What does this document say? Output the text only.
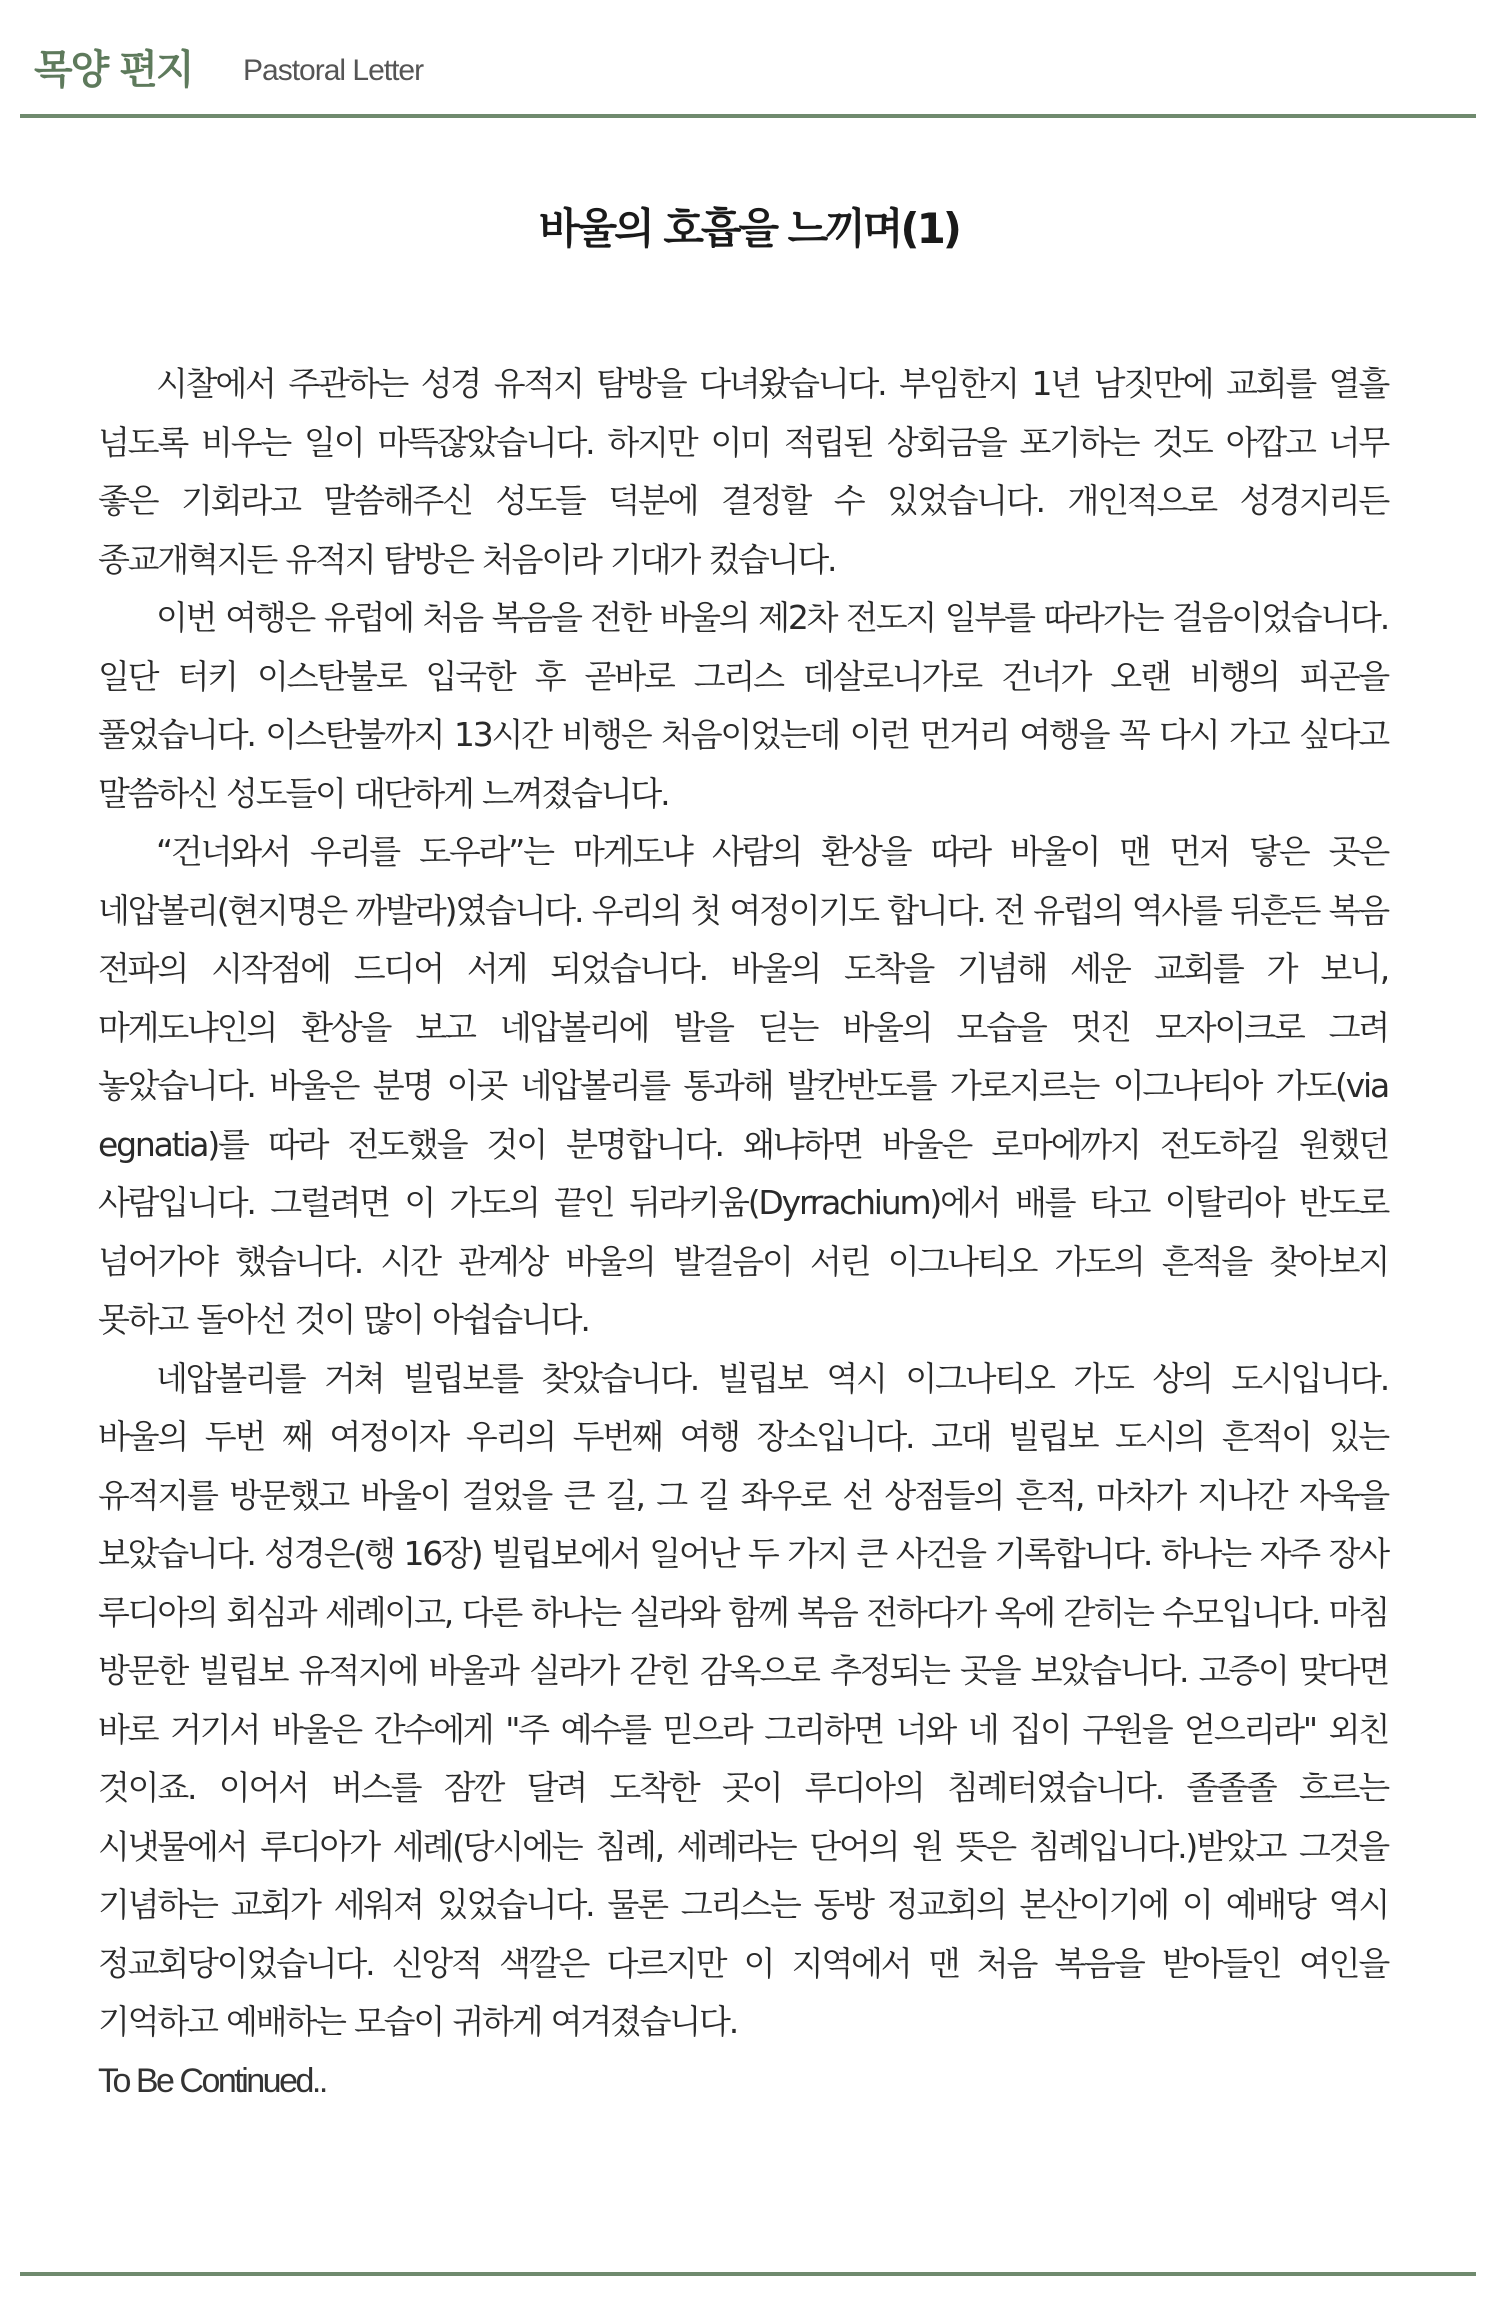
목양 편지 Pastoral Letter
바울의 호흡을 느끼며(1)

시찰에서 주관하는 성경 유적지 탐방을 다녀왔습니다. 부임한지 1년 남짓만에 교회를 열흘 넘도록 비우는 일이 마뜩잖았습니다. 하지만 이미 적립된 상회금을 포기하는 것도 아깝고 너무 좋은 기회라고 말씀해주신 성도들 덕분에 결정할 수 있었습니다. 개인적으로 성경지리든 종교개혁지든 유적지 탐방은 처음이라 기대가 컸습니다.

이번 여행은 유럽에 처음 복음을 전한 바울의 제2차 전도지 일부를 따라가는 걸음이었습니다. 일단 터키 이스탄불로 입국한 후 곧바로 그리스 데살로니가로 건너가 오랜 비행의 피곤을 풀었습니다. 이스탄불까지 13시간 비행은 처음이었는데 이런 먼거리 여행을 꼭 다시 가고 싶다고 말씀하신 성도들이 대단하게 느껴졌습니다.

“건너와서 우리를 도우라”는 마게도냐 사람의 환상을 따라 바울이 맨 먼저 닿은 곳은 네압볼리(현지명은 까발라)였습니다. 우리의 첫 여정이기도 합니다. 전 유럽의 역사를 뒤흔든 복음 전파의 시작점에 드디어 서게 되었습니다. 바울의 도착을 기념해 세운 교회를 가 보니, 마게도냐인의 환상을 보고 네압볼리에 발을 딛는 바울의 모습을 멋진 모자이크로 그려 놓았습니다. 바울은 분명 이곳 네압볼리를 통과해 발칸반도를 가로지르는 이그나티아 가도(via egnatia)를 따라 전도했을 것이 분명합니다. 왜냐하면 바울은 로마에까지 전도하길 원했던 사람입니다. 그럴려면 이 가도의 끝인 뒤라키움(Dyrrachium)에서 배를 타고 이탈리아 반도로 넘어가야 했습니다. 시간 관계상 바울의 발걸음이 서린 이그나티오 가도의 흔적을 찾아보지 못하고 돌아선 것이 많이 아쉽습니다.

네압볼리를 거쳐 빌립보를 찾았습니다. 빌립보 역시 이그나티오 가도 상의 도시입니다. 바울의 두번 째 여정이자 우리의 두번째 여행 장소입니다. 고대 빌립보 도시의 흔적이 있는 유적지를 방문했고 바울이 걸었을 큰 길, 그 길 좌우로 선 상점들의 흔적, 마차가 지나간 자욱을 보았습니다. 성경은(행 16장) 빌립보에서 일어난 두 가지 큰 사건을 기록합니다. 하나는 자주 장사 루디아의 회심과 세례이고, 다른 하나는 실라와 함께 복음 전하다가 옥에 갇히는 수모입니다. 마침 방문한 빌립보 유적지에 바울과 실라가 갇힌 감옥으로 추정되는 곳을 보았습니다. 고증이 맞다면 바로 거기서 바울은 간수에게 "주 예수를 믿으라 그리하면 너와 네 집이 구원을 얻으리라" 외친 것이죠. 이어서 버스를 잠깐 달려 도착한 곳이 루디아의 침례터였습니다. 졸졸졸 흐르는 시냇물에서 루디아가 세례(당시에는 침례, 세례라는 단어의 원 뜻은 침례입니다.)받았고 그것을 기념하는 교회가 세워져 있었습니다. 물론 그리스는 동방 정교회의 본산이기에 이 예배당 역시 정교회당이었습니다. 신앙적 색깔은 다르지만 이 지역에서 맨 처음 복음을 받아들인 여인을 기억하고 예배하는 모습이 귀하게 여겨졌습니다.

To Be Continued..
